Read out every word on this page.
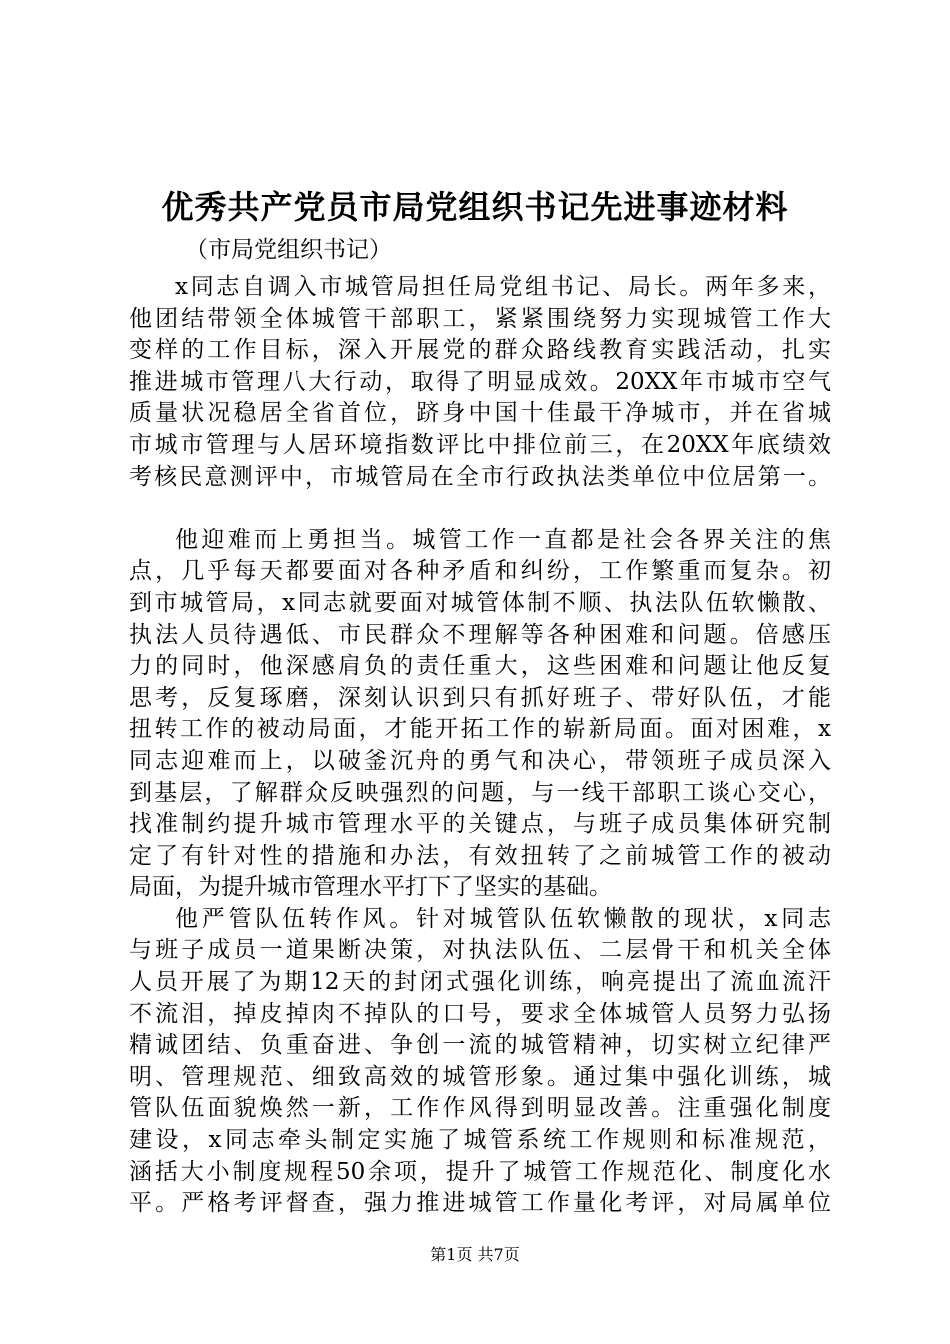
优秀共产党员市局党组织书记先进事迹材料
（市局党组织书记）
x同志自调入市城管局担任局党组书记、局长。两年多来，
他团结带领全体城管干部职工，紧紧围绕努力实现城管工作大
变样的工作目标，深入开展党的群众路线教育实践活动，扎实
推进城市管理八大行动，取得了明显成效。20XX年市城市空气
质量状况稳居全省首位，跻身中国十佳最干净城市，并在省城
市城市管理与人居环境指数评比中排位前三，在20XX年底绩效
考核民意测评中，市城管局在全市行政执法类单位中位居第一。
他迎难而上勇担当。城管工作一直都是社会各界关注的焦
点，几乎每天都要面对各种矛盾和纠纷，工作繁重而复杂。初
到市城管局，x同志就要面对城管体制不顺、执法队伍软懒散、
执法人员待遇低、市民群众不理解等各种困难和问题。倍感压
力的同时，他深感肩负的责任重大，这些困难和问题让他反复
思考，反复琢磨，深刻认识到只有抓好班子、带好队伍，才能
扭转工作的被动局面，才能开拓工作的崭新局面。面对困难，x
同志迎难而上，以破釜沉舟的勇气和决心，带领班子成员深入
到基层，了解群众反映强烈的问题，与一线干部职工谈心交心，
找准制约提升城市管理水平的关键点，与班子成员集体研究制
定了有针对性的措施和办法，有效扭转了之前城管工作的被动
局面，为提升城市管理水平打下了坚实的基础。
他严管队伍转作风。针对城管队伍软懒散的现状，x同志
与班子成员一道果断决策，对执法队伍、二层骨干和机关全体
人员开展了为期12天的封闭式强化训练，响亮提出了流血流汗
不流泪，掉皮掉肉不掉队的口号，要求全体城管人员努力弘扬
精诚团结、负重奋进、争创一流的城管精神，切实树立纪律严
明、管理规范、细致高效的城管形象。通过集中强化训练，城
管队伍面貌焕然一新，工作作风得到明显改善。注重强化制度
建设，x同志牵头制定实施了城管系统工作规则和标准规范，
涵括大小制度规程50余项，提升了城管工作规范化、制度化水
平。严格考评督查，强力推进城管工作量化考评，对局属单位
第1页 共7页
